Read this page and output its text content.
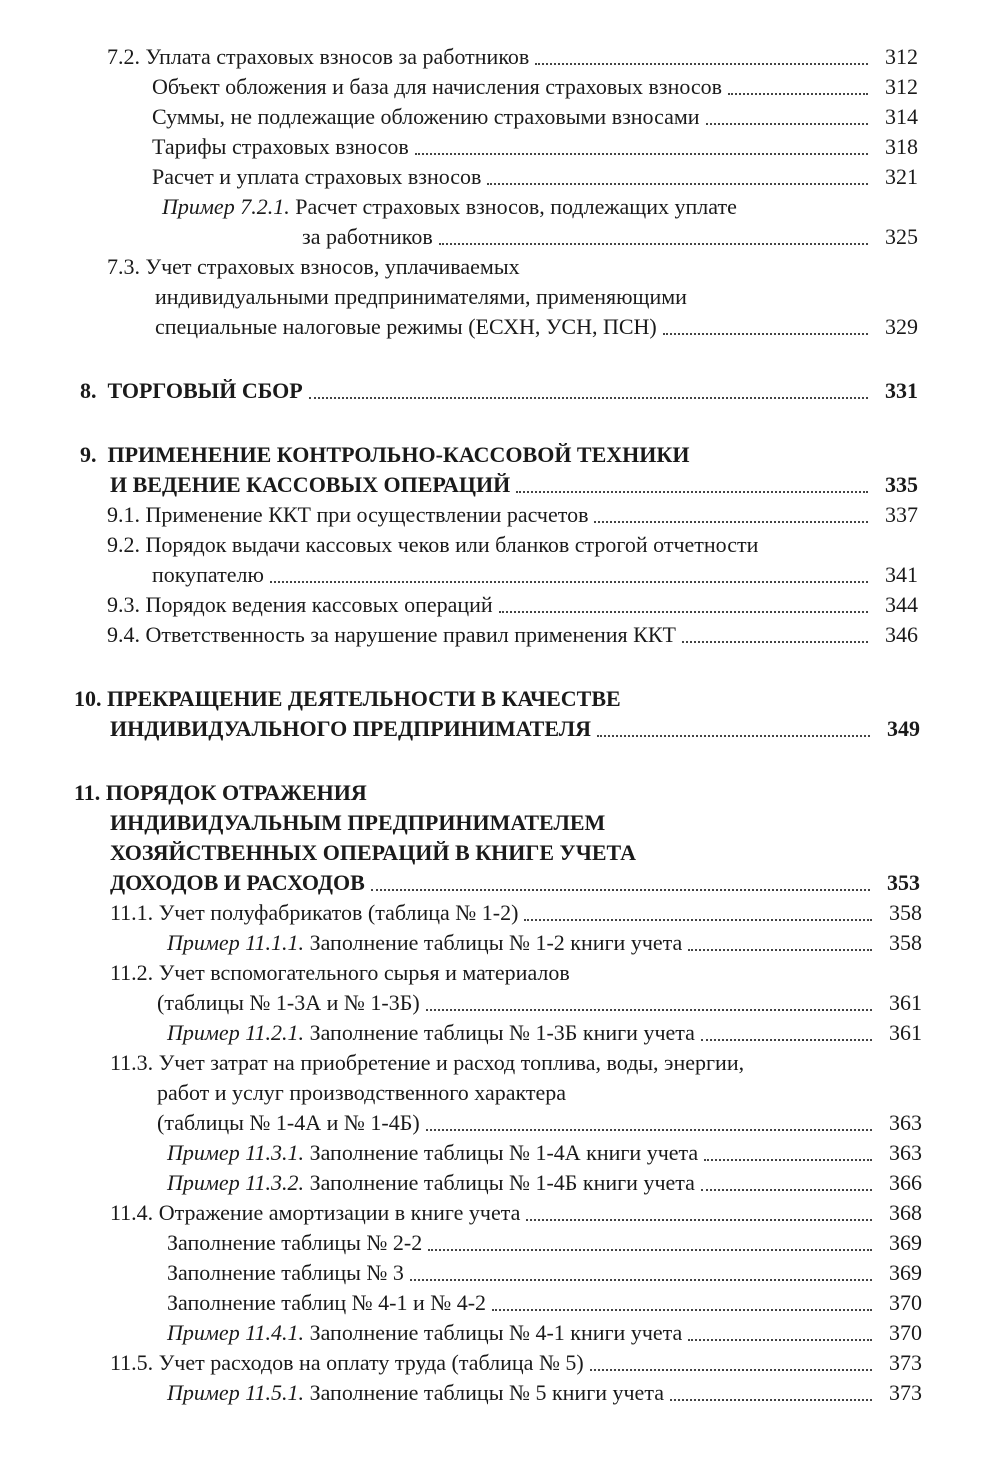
7.2. Уплата страховых взносов за работников	312
Объект обложения и база для начисления страховых взносов	312
Суммы, не подлежащие обложению страховыми взносами	314
Тарифы страховых взносов	318
Расчет и уплата страховых взносов	321
Пример 7.2.1. Расчет страховых взносов, подлежащих уплате
за работников	325
7.3. Учет страховых взносов, уплачиваемых
индивидуальными предпринимателями, применяющими
специальные налоговые режимы (ЕСХН, УСН, ПСН)	329
8. ТОРГОВЫЙ СБОР	331
9. ПРИМЕНЕНИЕ КОНТРОЛЬНО-КАССОВОЙ ТЕХНИКИ
И ВЕДЕНИЕ КАССОВЫХ ОПЕРАЦИЙ	335
9.1. Применение ККТ при осуществлении расчетов	337
9.2. Порядок выдачи кассовых чеков или бланков строгой отчетности
покупателю	341
9.3. Порядок ведения кассовых операций	344
9.4. Ответственность за нарушение правил применения ККТ	346
10. ПРЕКРАЩЕНИЕ ДЕЯТЕЛЬНОСТИ В КАЧЕСТВЕ
ИНДИВИДУАЛЬНОГО ПРЕДПРИНИМАТЕЛЯ	349
11. ПОРЯДОК ОТРАЖЕНИЯ
ИНДИВИДУАЛЬНЫМ ПРЕДПРИНИМАТЕЛЕМ
ХОЗЯЙСТВЕННЫХ ОПЕРАЦИЙ В КНИГЕ УЧЕТА
ДОХОДОВ И РАСХОДОВ	353
11.1. Учет полуфабрикатов (таблица № 1-2)	358
Пример 11.1.1. Заполнение таблицы № 1-2 книги учета	358
11.2. Учет вспомогательного сырья и материалов
(таблицы № 1-3А и № 1-3Б)	361
Пример 11.2.1. Заполнение таблицы № 1-3Б книги учета	361
11.3. Учет затрат на приобретение и расход топлива, воды, энергии,
работ и услуг производственного характера
(таблицы № 1-4А и № 1-4Б)	363
Пример 11.3.1. Заполнение таблицы № 1-4А книги учета	363
Пример 11.3.2. Заполнение таблицы № 1-4Б книги учета	366
11.4. Отражение амортизации в книге учета	368
Заполнение таблицы № 2-2	369
Заполнение таблицы № 3	369
Заполнение таблиц № 4-1 и № 4-2	370
Пример 11.4.1. Заполнение таблицы № 4-1 книги учета	370
11.5. Учет расходов на оплату труда (таблица № 5)	373
Пример 11.5.1. Заполнение таблицы № 5 книги учета	373
